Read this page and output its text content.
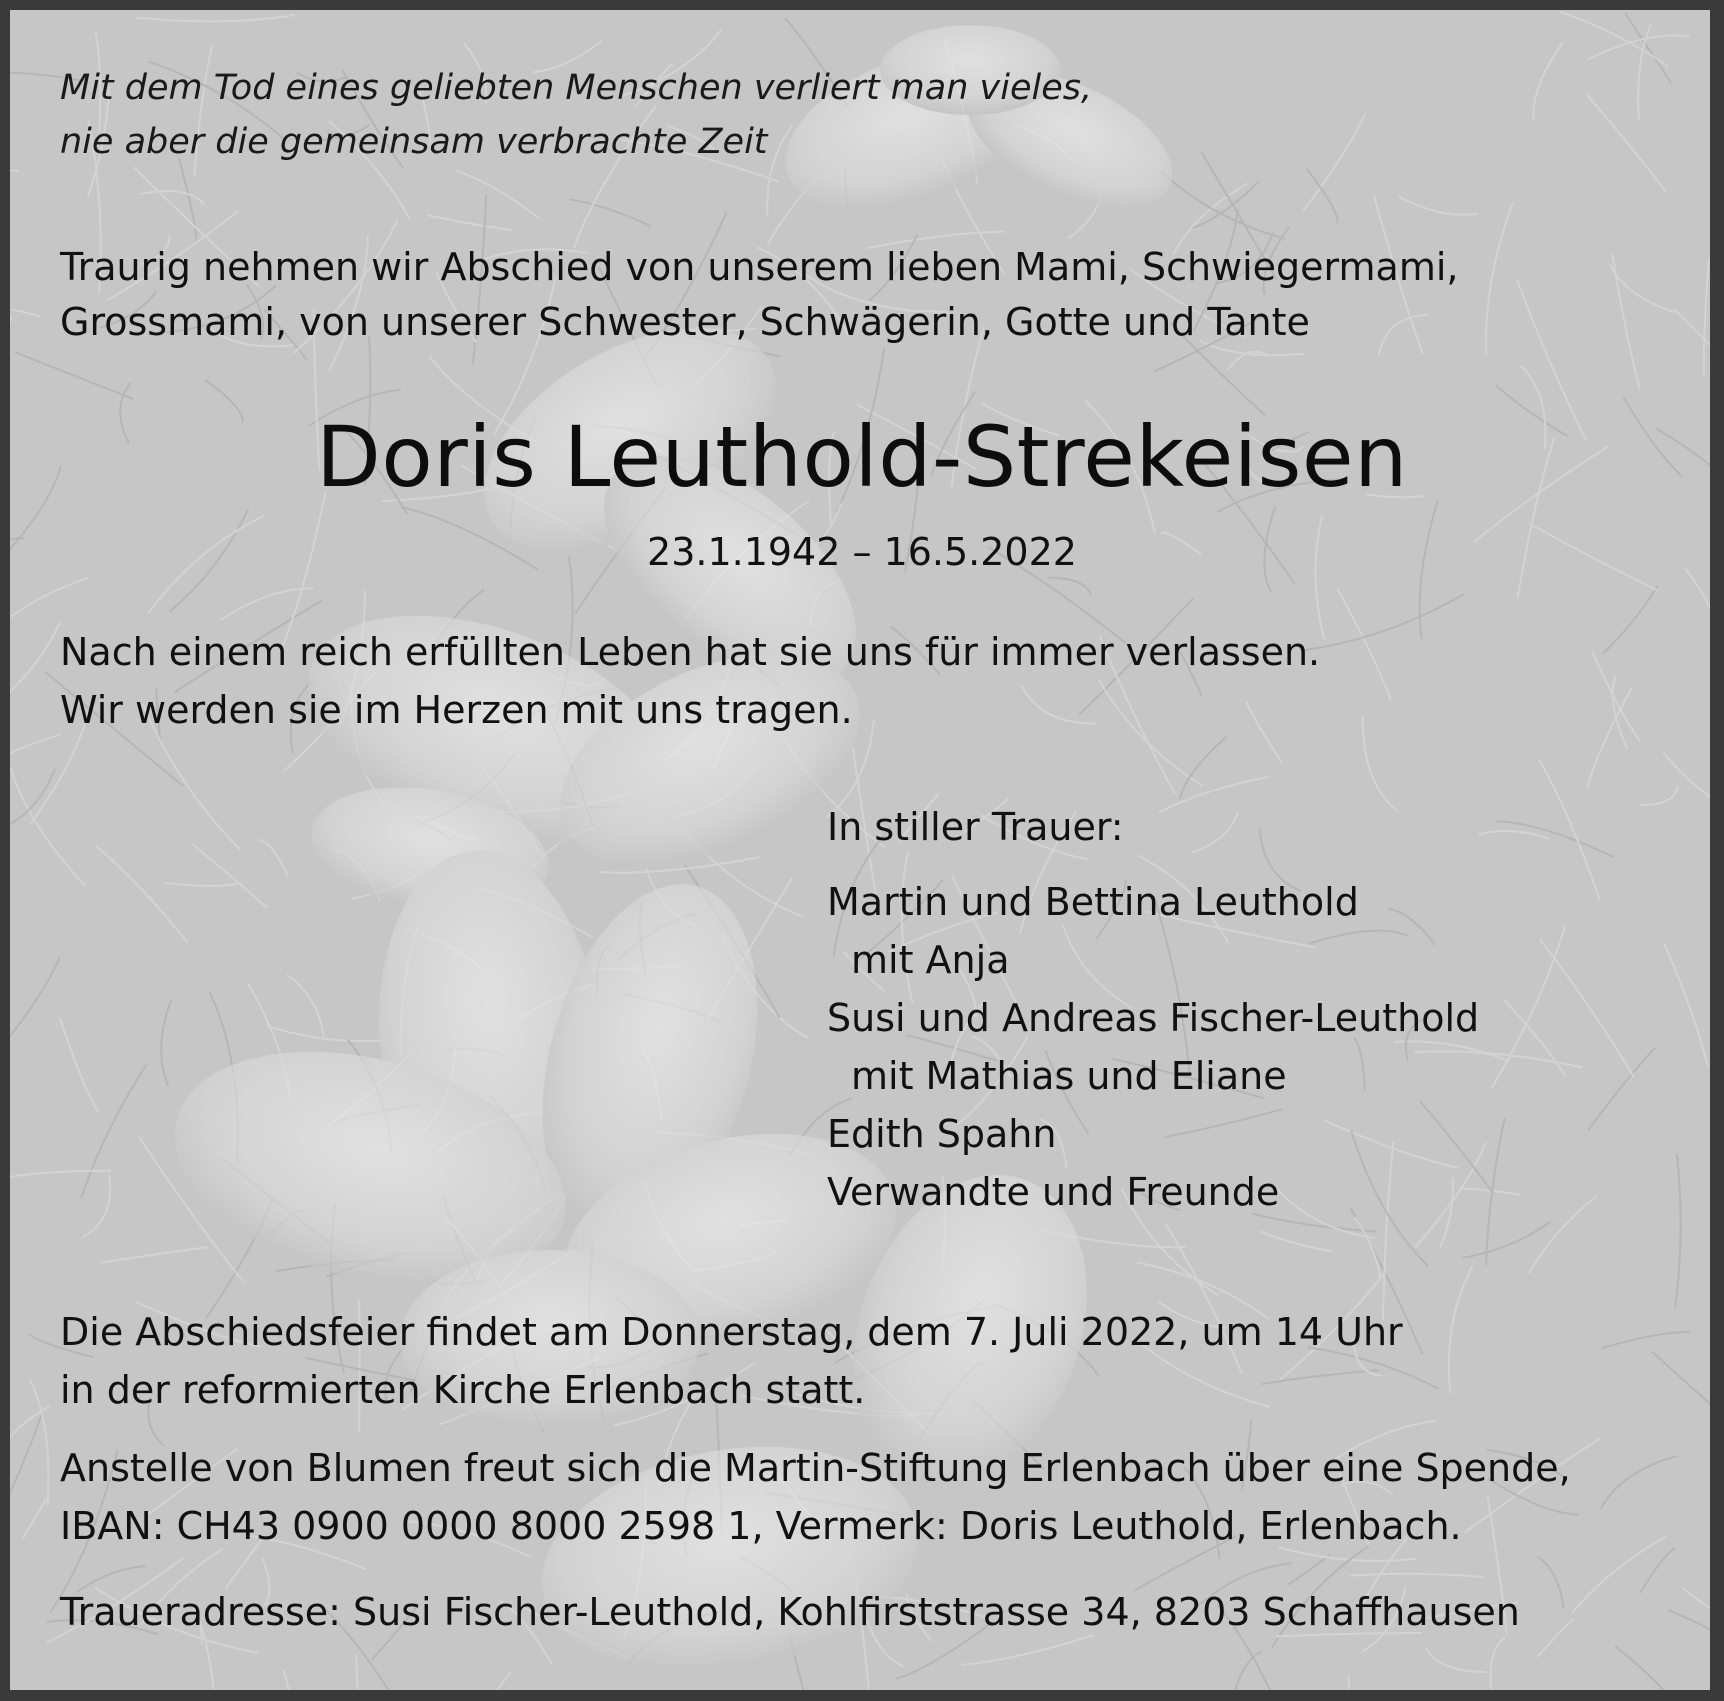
Mit dem Tod eines geliebten Menschen verliert man vieles,
nie aber die gemeinsam verbrachte Zeit
Traurig nehmen wir Abschied von unserem lieben Mami, Schwiegermami,
Grossmami, von unserer Schwester, Schwägerin, Gotte und Tante
Doris Leuthold-Strekeisen
23.1.1942 – 16.5.2022
Nach einem reich erfüllten Leben hat sie uns für immer verlassen.
Wir werden sie im Herzen mit uns tragen.
In stiller Trauer:
Martin und Bettina Leuthold
mit Anja
Susi und Andreas Fischer-Leuthold
mit Mathias und Eliane
Edith Spahn
Verwandte und Freunde
Die Abschiedsfeier findet am Donnerstag, dem 7. Juli 2022, um 14 Uhr
in der reformierten Kirche Erlenbach statt.
Anstelle von Blumen freut sich die Martin-Stiftung Erlenbach über eine Spende,
IBAN: CH43 0900 0000 8000 2598 1, Vermerk: Doris Leuthold, Erlenbach.
Traueradresse: Susi Fischer-Leuthold, Kohlfirststrasse 34, 8203 Schaffhausen
